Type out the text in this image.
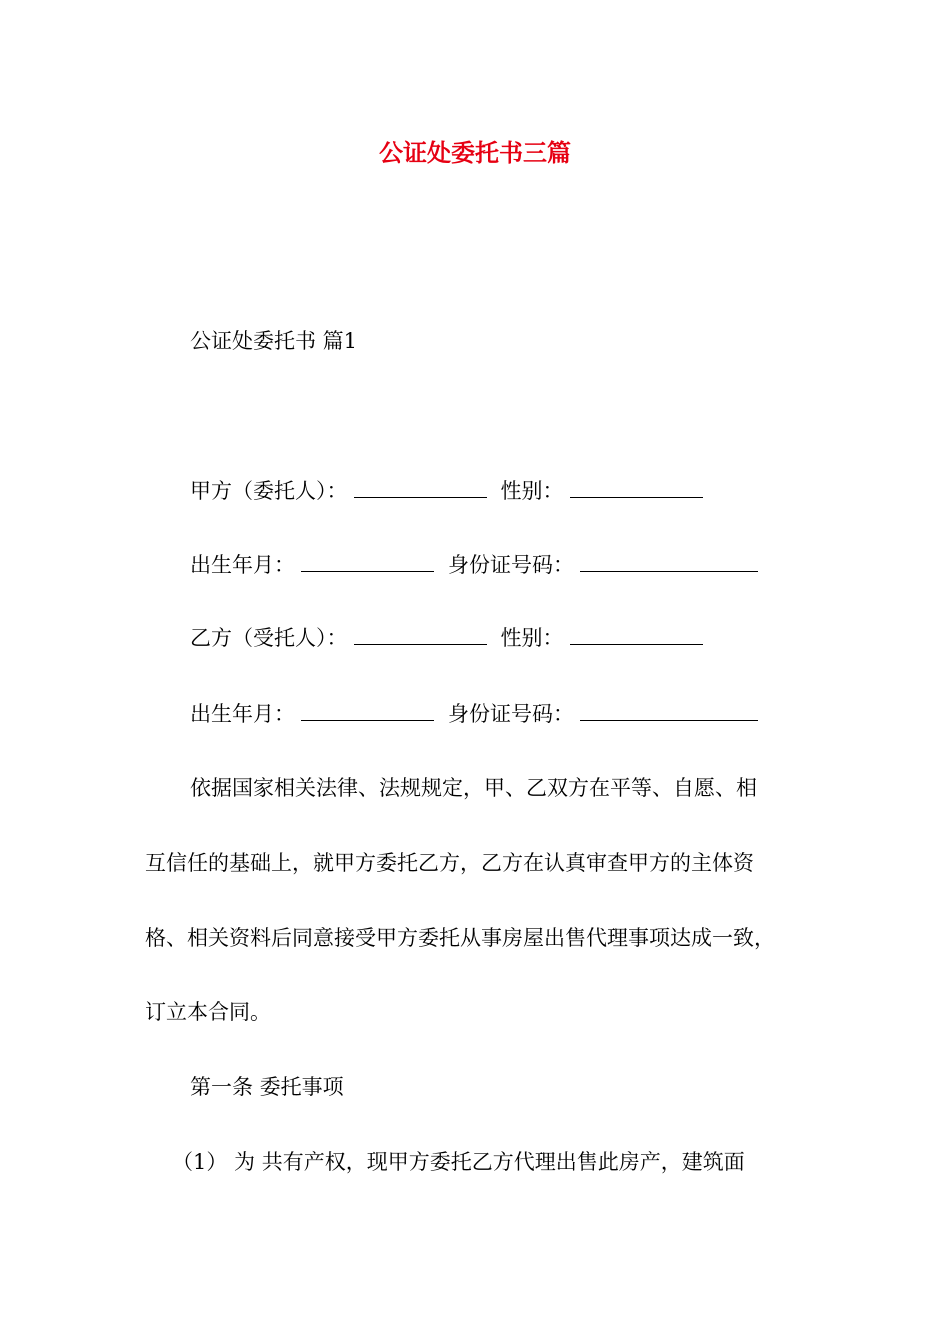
公证处委托书三篇
公证处委托书 篇1
甲方（委托人）：	性别：
出生年月：	身份证号码：
乙方（受托人）：	性别：
出生年月：	身份证号码：
依据国家相关法律、法规规定，甲、乙双方在平等、自愿、相
互信任的基础上，就甲方委托乙方，乙方在认真审查甲方的主体资
格、相关资料后同意接受甲方委托从事房屋出售代理事项达成一致，
订立本合同。
第一条 委托事项
（1） 为 共有产权，现甲方委托乙方代理出售此房产，建筑面
